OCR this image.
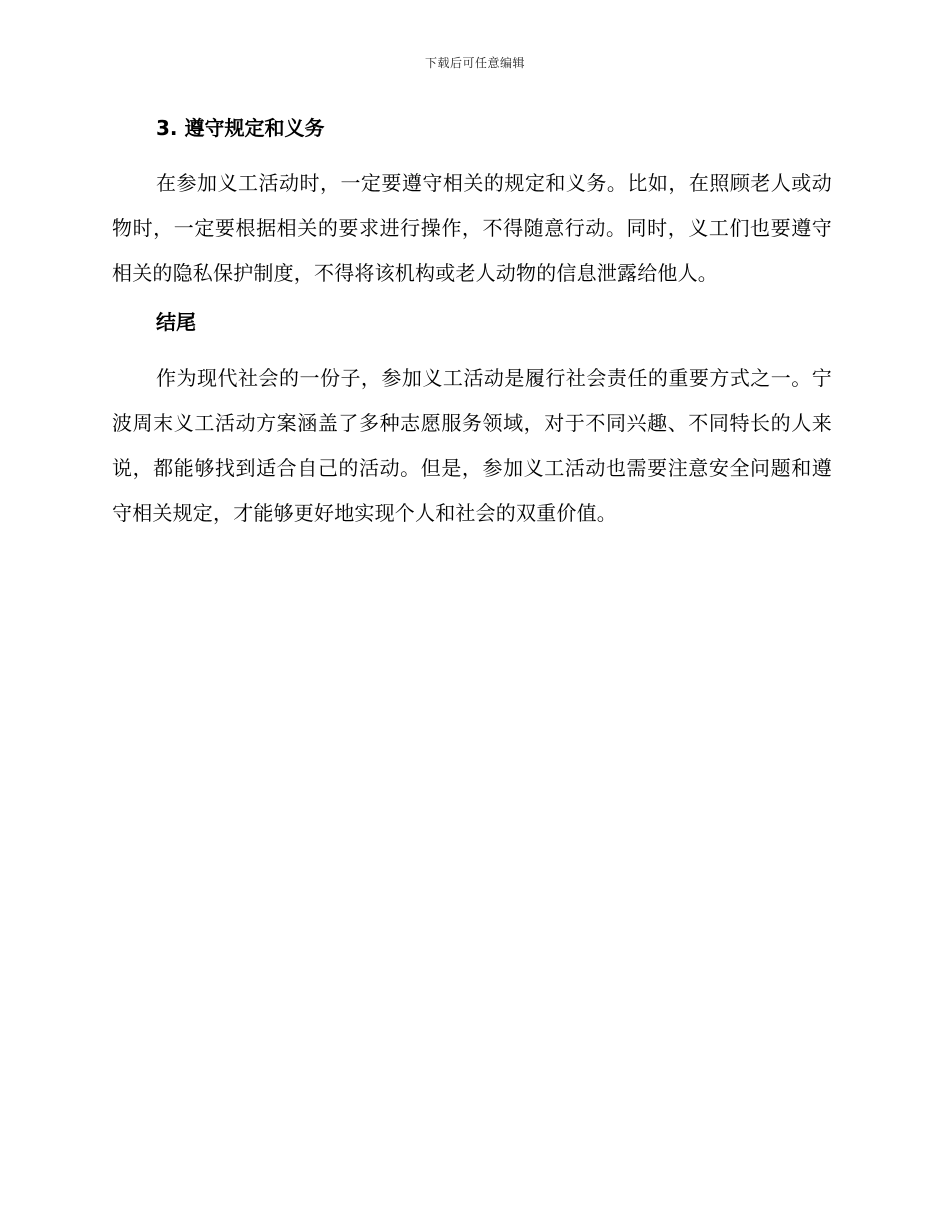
下载后可任意编辑
3. 遵守规定和义务

在参加义工活动时，一定要遵守相关的规定和义务。比如，在照顾老人或动物时，一定要根据相关的要求进行操作，不得随意行动。同时，义工们也要遵守相关的隐私保护制度，不得将该机构或老人动物的信息泄露给他人。

结尾

作为现代社会的一份子，参加义工活动是履行社会责任的重要方式之一。宁波周末义工活动方案涵盖了多种志愿服务领域，对于不同兴趣、不同特长的人来说，都能够找到适合自己的活动。但是，参加义工活动也需要注意安全问题和遵守相关规定，才能够更好地实现个人和社会的双重价值。
